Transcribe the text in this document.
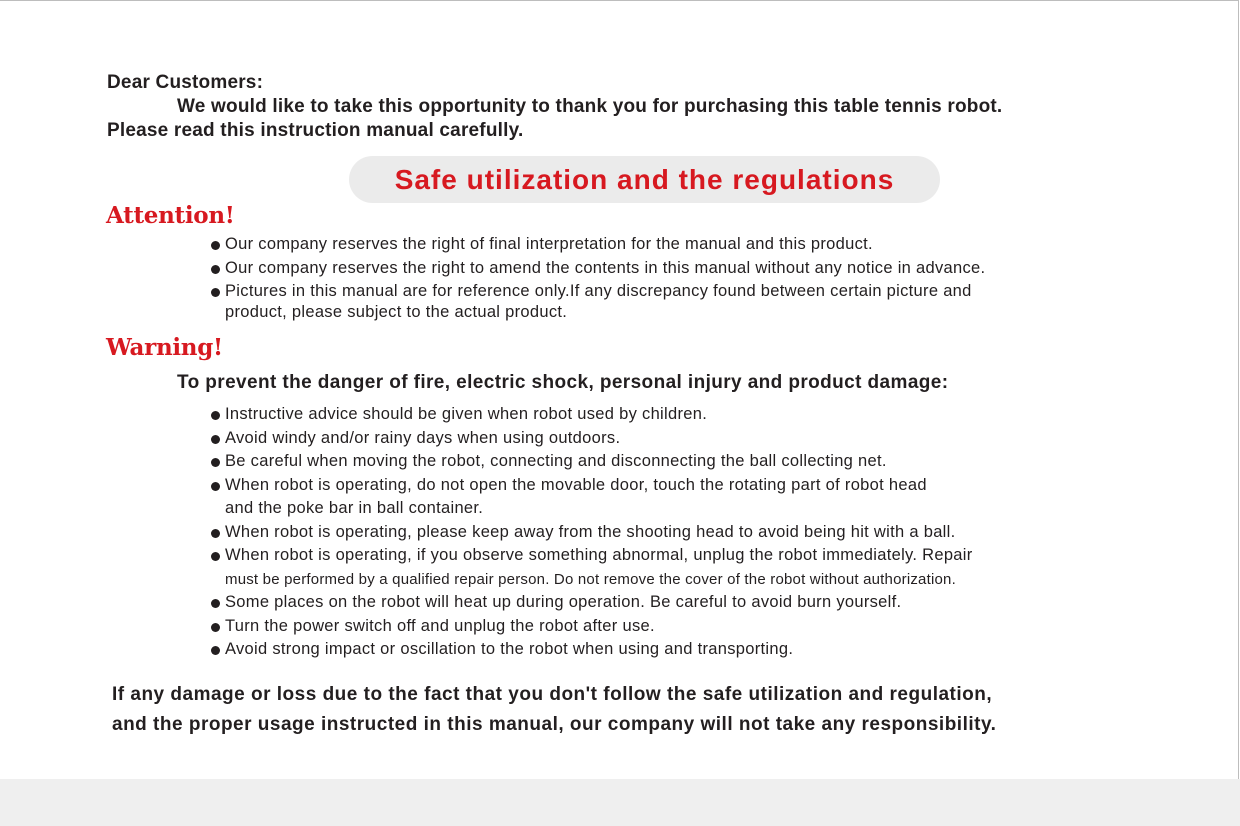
Dear Customers:
We would like to take this opportunity to thank you for purchasing this table tennis robot.
Please read this instruction manual carefully.
Safe utilization and the regulations
Attention!
Our company reserves the right of final interpretation for the manual and this product.
Our company reserves the right to amend the contents in this manual without any notice in advance.
Pictures in this manual are for reference only.If any discrepancy found between certain picture and
product, please subject to the actual product.
Warning!
To prevent the danger of fire, electric shock, personal injury and product damage:
Instructive advice should be given when robot used by children.
Avoid windy and/or rainy days when using outdoors.
Be careful when moving the robot, connecting and disconnecting the ball collecting net.
When robot is operating, do not open the movable door, touch the rotating part of robot head
and the poke bar in ball container.
When robot is operating, please keep away from the shooting head to avoid being hit with a ball.
When robot is operating, if you observe something abnormal, unplug the robot immediately. Repair
must be performed by a qualified repair person. Do not remove the cover of the robot without authorization.
Some places on the robot will heat up during operation. Be careful to avoid burn yourself.
Turn the power switch off and unplug the robot after use.
Avoid strong impact or oscillation to the robot when using and transporting.
If any damage or loss due to the fact that you don't follow the safe utilization and regulation,
and the proper usage instructed in this manual, our company will not take any responsibility.
